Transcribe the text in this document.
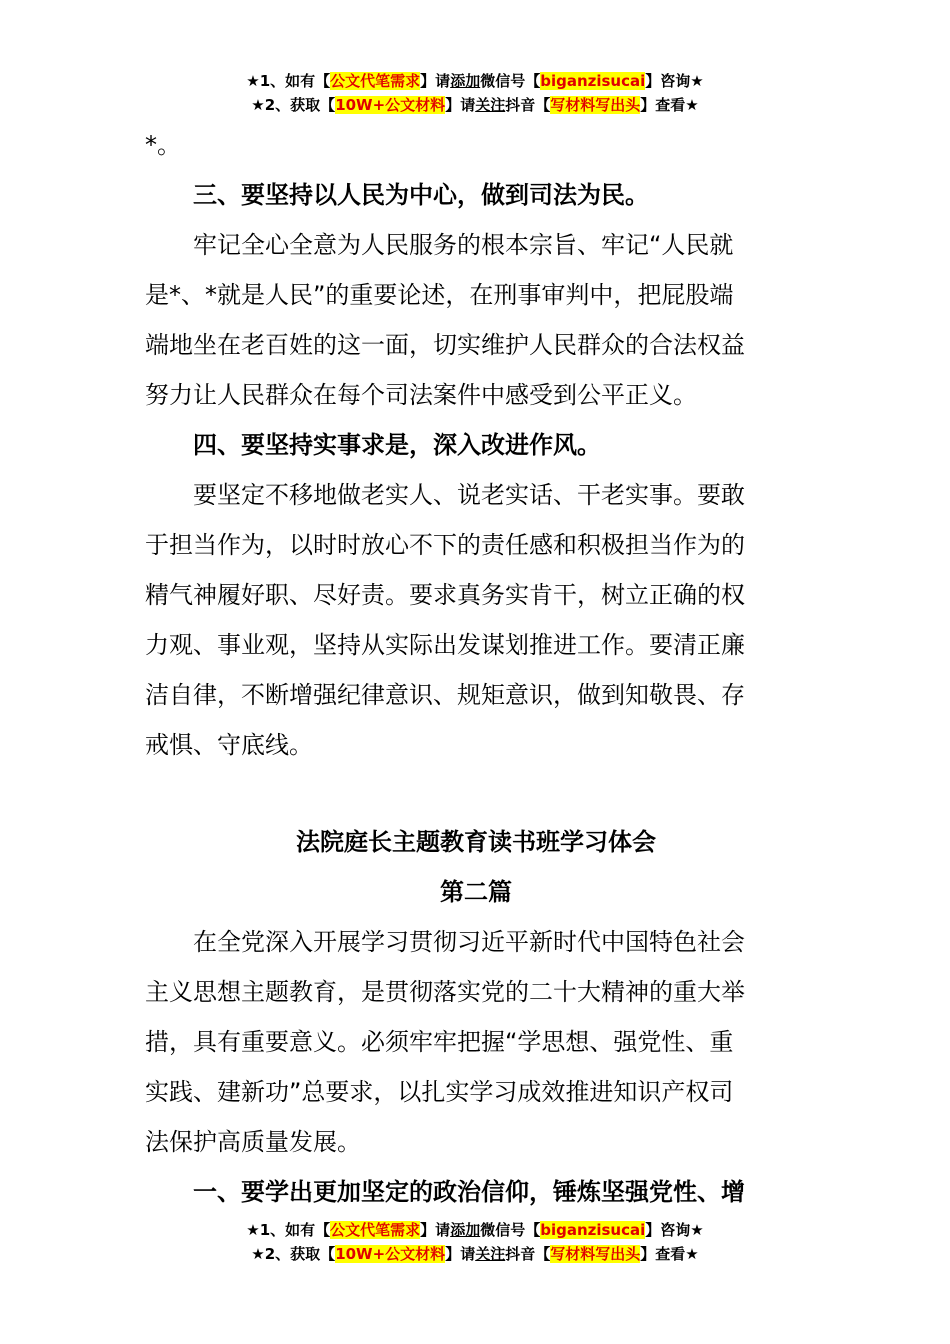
★1、如有【公文代笔需求】请添加微信号【biganzisucai】咨询★
★2、获取【10W+公文材料】请关注抖音【写材料写出头】查看★
*。
　　三、要坚持以人民为中心，做到司法为民。
　　牢记全心全意为人民服务的根本宗旨、牢记“人民就
是*、*就是人民”的重要论述，在刑事审判中，把屁股端
端地坐在老百姓的这一面，切实维护人民群众的合法权益
努力让人民群众在每个司法案件中感受到公平正义。
　　四、要坚持实事求是，深入改进作风。
　　要坚定不移地做老实人、说老实话、干老实事。要敢
于担当作为，以时时放心不下的责任感和积极担当作为的
精气神履好职、尽好责。要求真务实肯干，树立正确的权
力观、事业观，坚持从实际出发谋划推进工作。要清正廉
洁自律，不断增强纪律意识、规矩意识，做到知敬畏、存
戒惧、守底线。
法院庭长主题教育读书班学习体会
第二篇
　　在全党深入开展学习贯彻习近平新时代中国特色社会
主义思想主题教育，是贯彻落实党的二十大精神的重大举
措，具有重要意义。必须牢牢把握“学思想、强党性、重
实践、建新功”总要求，以扎实学习成效推进知识产权司
法保护高质量发展。
　　一、要学出更加坚定的政治信仰，锤炼坚强党性、增
★1、如有【公文代笔需求】请添加微信号【biganzisucai】咨询★
★2、获取【10W+公文材料】请关注抖音【写材料写出头】查看★
